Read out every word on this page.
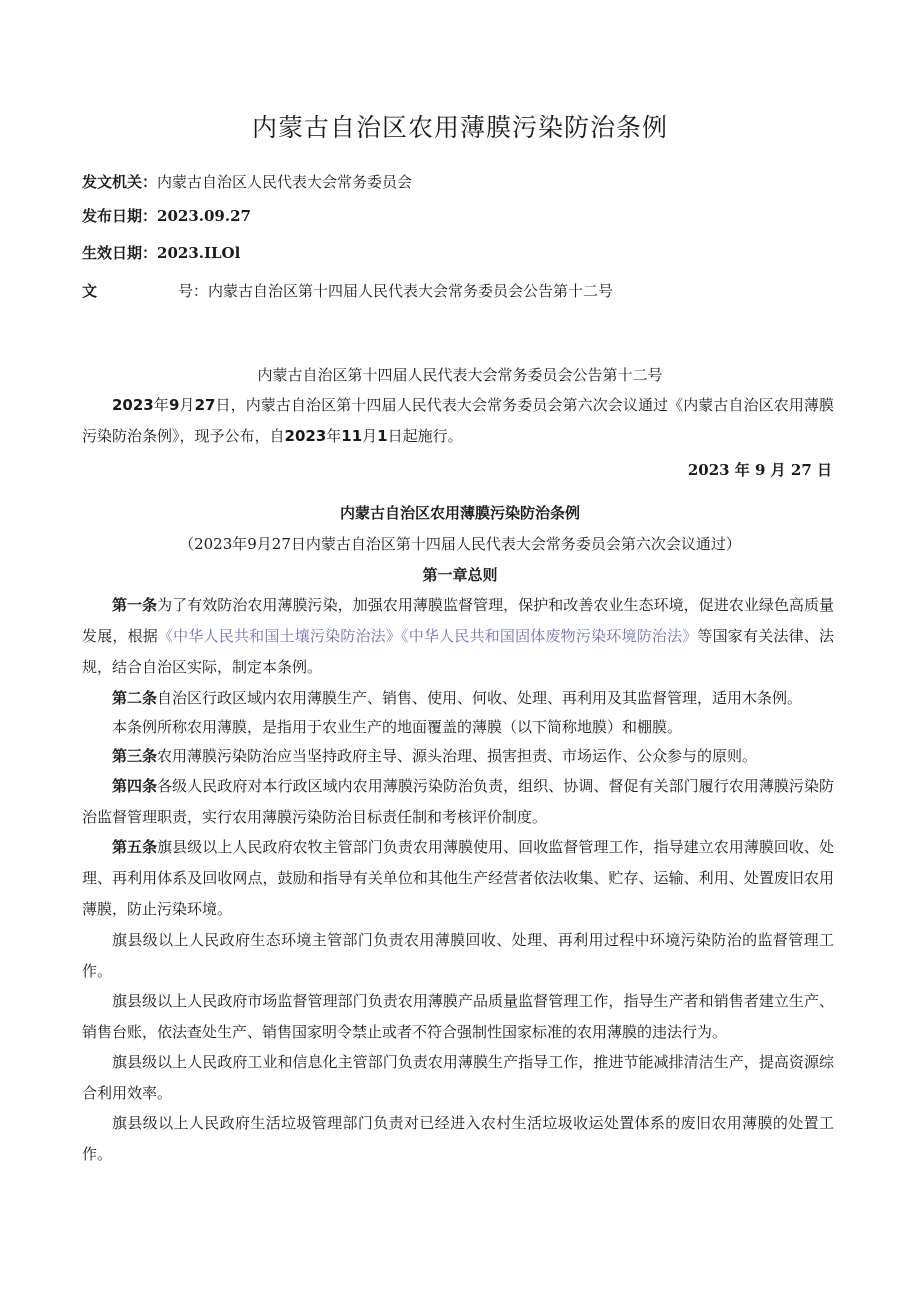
内蒙古自治区农用薄膜污染防治条例
发文机关：内蒙古自治区人民代表大会常务委员会
发布日期：2023.09.27
生效日期：2023.ILOl
文	号：内蒙古自治区第十四届人民代表大会常务委员会公告第十二号
内蒙古自治区第十四届人民代表大会常务委员会公告第十二号

2023年9月27日，内蒙古自治区第十四届人民代表大会常务委员会第六次会议通过《内蒙古自治区农用薄膜污染防治条例》，现予公布，自2023年11月1日起施行。

2023 年 9 月 27 日
内蒙古自治区农用薄膜污染防治条例
（2023年9月27日内蒙古自治区第十四届人民代表大会常务委员会第六次会议通过）
第一章总则

第一条为了有效防治农用薄膜污染，加强农用薄膜监督管理，保护和改善农业生态环境，促进农业绿色高质量发展，根据《中华人民共和国土壤污染防治法》《中华人民共和国固体废物污染环境防治法》等国家有关法律、法规，结合自治区实际，制定本条例。

第二条自治区行政区域内农用薄膜生产、销售、使用、何收、处理、再利用及其监督管理，适用木条例。

本条例所称农用薄膜，是指用于农业生产的地面覆盖的薄膜（以下简称地膜）和棚膜。

第三条农用薄膜污染防治应当坚持政府主导、源头治理、损害担责、市场运作、公众参与的原则。

第四条各级人民政府对本行政区域内农用薄膜污染防治负责，组织、协调、督促有关部门履行农用薄膜污染防治监督管理职责，实行农用薄膜污染防治目标责任制和考核评价制度。

第五条旗县级以上人民政府农牧主管部门负责农用薄膜使用、回收监督管理工作，指导建立农用薄膜回收、处理、再利用体系及回收网点，鼓励和指导有关单位和其他生产经营者依法收集、贮存、运输、利用、处置废旧农用薄膜，防止污染环境。

旗县级以上人民政府生态环境主管部门负责农用薄膜回收、处理、再利用过程中环境污染防治的监督管理工作。

旗县级以上人民政府市场监督管理部门负责农用薄膜产品质量监督管理工作，指导生产者和销售者建立生产、销售台账，依法查处生产、销售国家明令禁止或者不符合强制性国家标准的农用薄膜的违法行为。

旗县级以上人民政府工业和信息化主管部门负责农用薄膜生产指导工作，推进节能减排清洁生产，提高资源综合利用效率。

旗县级以上人民政府生活垃圾管理部门负责对已经进入农村生活垃圾收运处置体系的废旧农用薄膜的处置工作。
